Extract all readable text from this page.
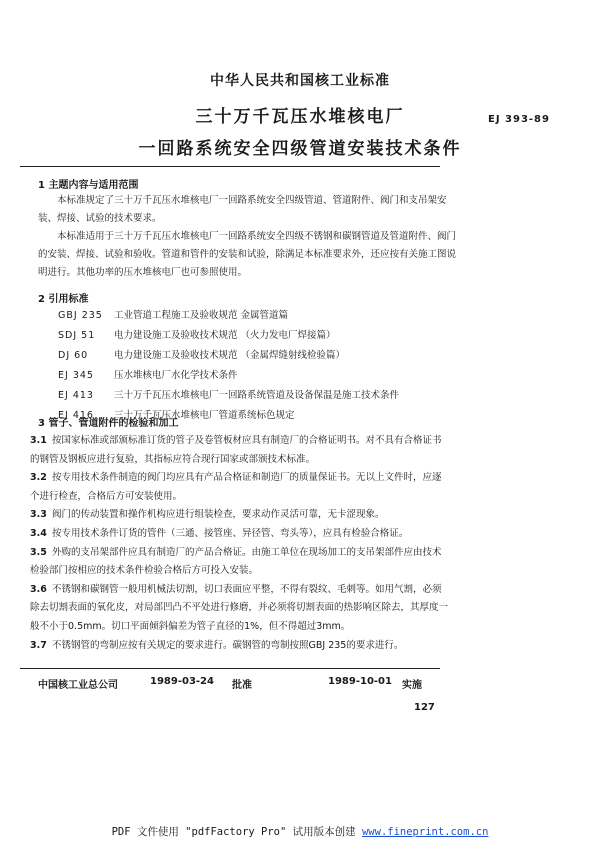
中华人民共和国核工业标准
三十万千瓦压水堆核电厂	EJ 393-89
一回路系统安全四级管道安装技术条件
1 主题内容与适用范围
本标准规定了三十万千瓦压水堆核电厂一回路系统安全四级管道、管道附件、阀门和支吊架安装、焊接、试验的技术要求。
本标准适用于三十万千瓦压水堆核电厂一回路系统安全四级不锈钢和碳钢管道及管道附件、阀门的安装、焊接、试验和验收。管道和管件的安装和试验，除满足本标准要求外，还应按有关施工图说明进行。其他功率的压水堆核电厂也可参照使用。
2 引用标准
GBJ 235 工业管道工程施工及验收规范 金属管道篇
SDJ 51 电力建设施工及验收技术规范 （火力发电厂焊接篇）
DJ 60	电力建设施工及验收技术规范 （金属焊缝射线检验篇）
EJ 345 压水堆核电厂水化学技术条件
EJ 413 三十万千瓦压水堆核电厂一回路系统管道及设备保温是施工技术条件
EJ 416 三十万千瓦压水堆核电厂管道系统标色规定
3 管子、管道附件的检验和加工
3.1 按国家标准或部颁标准订货的管子及卷管板材应具有制造厂的合格证明书。对不具有合格证书的钢管及钢板应进行复验，其指标应符合现行国家或部颁技术标准。
3.2 按专用技术条件制造的阀门均应具有产品合格证和制造厂的质量保证书。无以上文件时，应逐个进行检查，合格后方可安装使用。
3.3 阀门的传动装置和操作机构应进行组装检查，要求动作灵活可靠，无卡涩现象。
3.4 按专用技术条件订货的管件（三通、接管座、异径管、弯头等），应具有检验合格证。
3.5 外购的支吊架部件应具有制造厂的产品合格证。由施工单位在现场加工的支吊架部件应由技术检验部门按相应的技术条件检验合格后方可投入安装。
3.6 不锈钢和碳钢管一般用机械法切割，切口表面应平整，不得有裂纹、毛刺等。如用气割，必须除去切割表面的氧化皮，对局部凹凸不平处进行修磨，并必须将切割表面的热影响区除去，其厚度一般不小于0.5mm。切口平面倾斜偏差为管子直径的1%，但不得超过3mm。
3.7 不锈钢管的弯制应按有关规定的要求进行。碳钢管的弯制按照GBJ 235的要求进行。
中国核工业总公司	1989-03-24 批准	1989-10-01 实施
127
PDF 文件使用 "pdfFactory Pro" 试用版本创建 www.fineprint.com.cn
